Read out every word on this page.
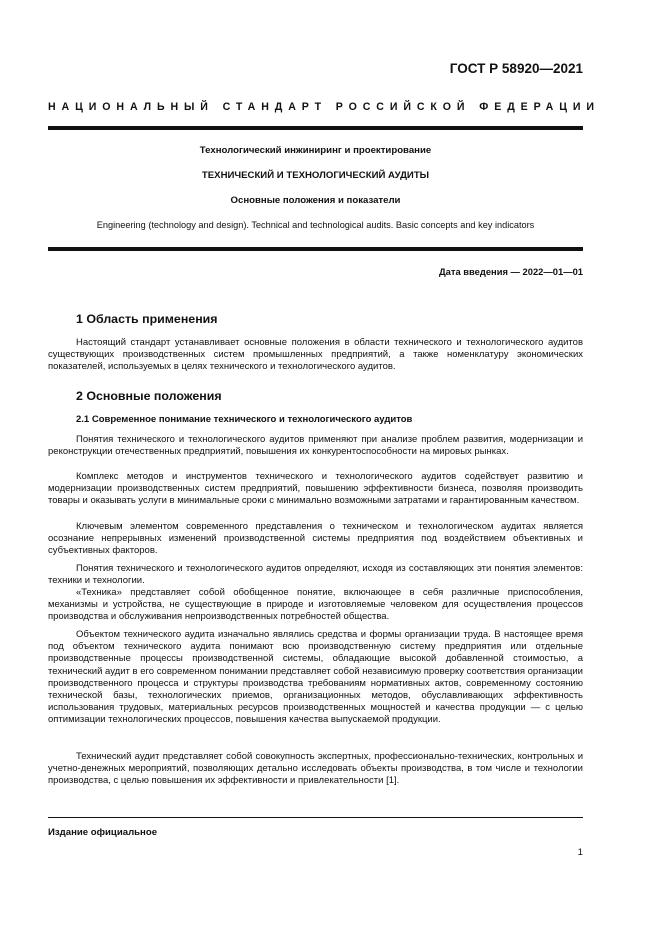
ГОСТ Р 58920—2021
НАЦИОНАЛЬНЫЙ СТАНДАРТ РОССИЙСКОЙ ФЕДЕРАЦИИ
Технологический инжиниринг и проектирование
ТЕХНИЧЕСКИЙ И ТЕХНОЛОГИЧЕСКИЙ АУДИТЫ
Основные положения и показатели
Engineering (technology and design). Technical and technological audits. Basic concepts and key indicators
Дата введения — 2022—01—01
1 Область применения

Настоящий стандарт устанавливает основные положения в области технического и технологического аудитов существующих производственных систем промышленных предприятий, а также номенклатуру экономических показателей, используемых в целях технического и технологического аудитов.

2 Основные положения
2.1 Современное понимание технического и технологического аудитов

Понятия технического и технологического аудитов применяют при анализе проблем развития, модернизации и реконструкции отечественных предприятий, повышения их конкурентоспособности на мировых рынках.

Комплекс методов и инструментов технического и технологического аудитов содействует развитию и модернизации производственных систем предприятий, повышению эффективности бизнеса, позволяя производить товары и оказывать услуги в минимальные сроки с минимально возможными затратами и гарантированным качеством.

Ключевым элементом современного представления о техническом и технологическом аудитах является осознание непрерывных изменений производственной системы предприятия под воздействием объективных и субъективных факторов.

Понятия технического и технологического аудитов определяют, исходя из составляющих эти понятия элементов: техники и технологии.

«Техника» представляет собой обобщенное понятие, включающее в себя различные приспособления, механизмы и устройства, не существующие в природе и изготовляемые человеком для осуществления процессов производства и обслуживания непроизводственных потребностей общества.

Объектом технического аудита изначально являлись средства и формы организации труда. В настоящее время под объектом технического аудита понимают всю производственную систему предприятия или отдельные производственные процессы производственной системы, обладающие высокой добавленной стоимостью, а технический аудит в его современном понимании представляет собой независимую проверку соответствия организации производственного процесса и структуры производства требованиям нормативных актов, современному состоянию технической базы, технологических приемов, организационных методов, обуславливающих эффективность использования трудовых, материальных ресурсов производственных мощностей и качества продукции — с целью оптимизации технологических процессов, повышения качества выпускаемой продукции.

Технический аудит представляет собой совокупность экспертных, профессионально-технических, контрольных и учетно-денежных мероприятий, позволяющих детально исследовать объекты производства, в том числе и технологии производства, с целью повышения их эффективности и привлекательности [1].

Издание официальное
1
